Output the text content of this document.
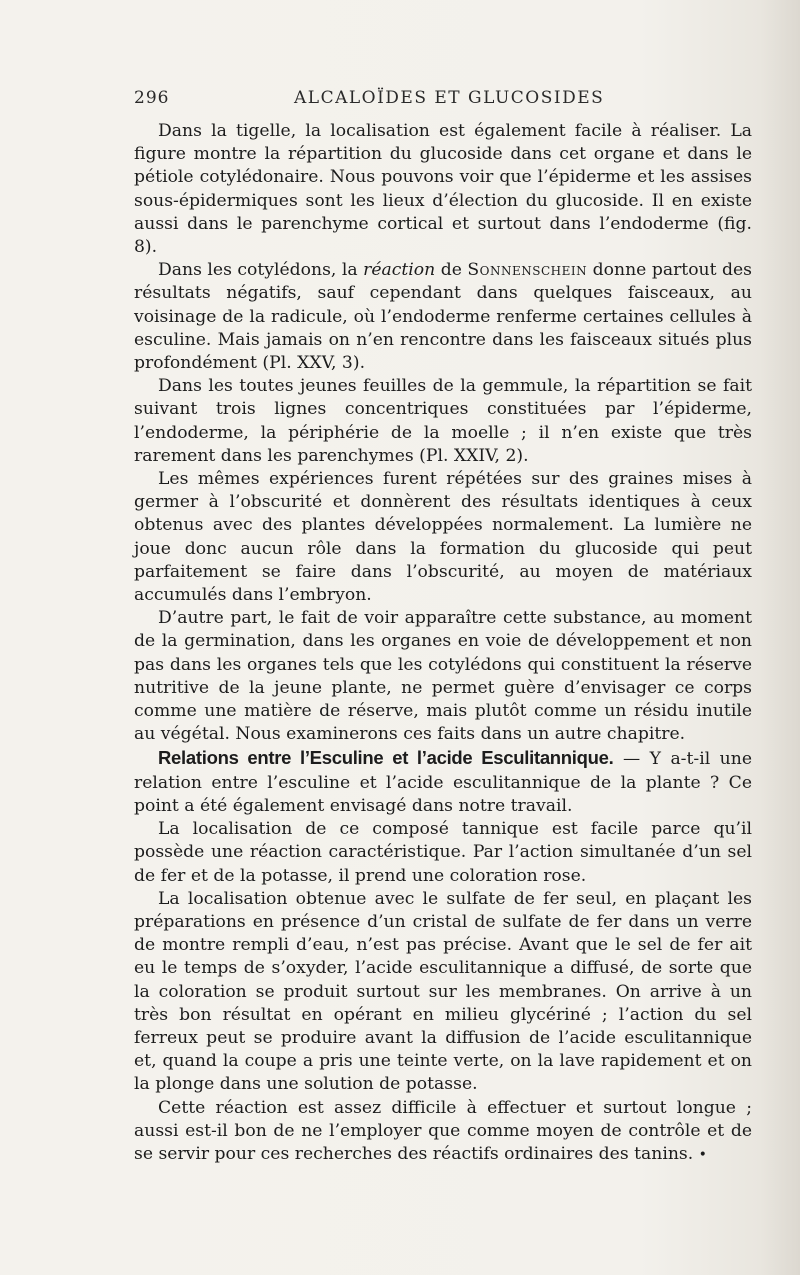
296	ALCALOÏDES ET GLUCOSIDES

Dans la tigelle, la localisation est également facile à réaliser. La figure montre la répartition du glucoside dans cet organe et dans le pétiole cotylédonaire. Nous pouvons voir que l’épiderme et les assises sous-épidermiques sont les lieux d’élection du glucoside. Il en existe aussi dans le parenchyme cortical et surtout dans l’endoderme (fig. 8).

Dans les cotylédons, la réaction de Sonnenschein donne partout des résultats négatifs, sauf cependant dans quelques faisceaux, au voisinage de la radicule, où l’endoderme renferme certaines cellules à esculine. Mais jamais on n’en rencontre dans les faisceaux situés plus profondément (Pl. XXV, 3).

Dans les toutes jeunes feuilles de la gemmule, la répartition se fait suivant trois lignes concentriques constituées par l’épiderme, l’endoderme, la périphérie de la moelle ; il n’en existe que très rarement dans les parenchymes (Pl. XXIV, 2).

Les mêmes expériences furent répétées sur des graines mises à germer à l’obscurité et donnèrent des résultats identiques à ceux obtenus avec des plantes développées normalement. La lumière ne joue donc aucun rôle dans la formation du glucoside qui peut parfaitement se faire dans l’obscurité, au moyen de matériaux accumulés dans l’embryon.

D’autre part, le fait de voir apparaître cette substance, au moment de la germination, dans les organes en voie de développement et non pas dans les organes tels que les cotylédons qui constituent la réserve nutritive de la jeune plante, ne permet guère d’envisager ce corps comme une matière de réserve, mais plutôt comme un résidu inutile au végétal. Nous examinerons ces faits dans un autre chapitre.

Relations entre l’Esculine et l’acide Esculitannique. — Y a-t-il une relation entre l’esculine et l’acide esculitannique de la plante ? Ce point a été également envisagé dans notre travail.

La localisation de ce composé tannique est facile parce qu’il possède une réaction caractéristique. Par l’action simultanée d’un sel de fer et de la potasse, il prend une coloration rose.

La localisation obtenue avec le sulfate de fer seul, en plaçant les préparations en présence d’un cristal de sulfate de fer dans un verre de montre rempli d’eau, n’est pas précise. Avant que le sel de fer ait eu le temps de s’oxyder, l’acide esculitannique a diffusé, de sorte que la coloration se produit surtout sur les membranes. On arrive à un très bon résultat en opérant en milieu glycériné ; l’action du sel ferreux peut se produire avant la diffusion de l’acide esculitannique et, quand la coupe a pris une teinte verte, on la lave rapidement et on la plonge dans une solution de potasse.

Cette réaction est assez difficile à effectuer et surtout longue ; aussi est-il bon de ne l’employer que comme moyen de contrôle et de se servir pour ces recherches des réactifs ordinaires des tanins. •
